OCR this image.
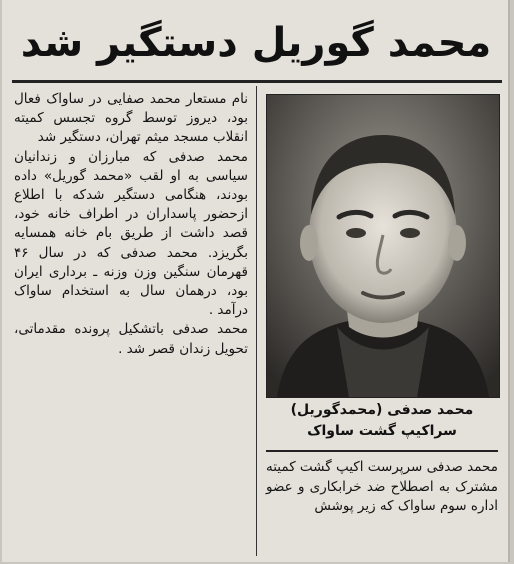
محمد گوریل دستگیر شد

نام مستعار محمد صفایی در ساواک فعال بود، دیروز توسط گروه تجسس کمیته انقلاب مسجد میثم تهران، دستگیر شد

محمد صدفی که مبارزان و زندانیان سیاسی به او لقب «محمد گوریل» داده بودند، هنگامی دستگیر شدکه با اطلاع ازحضور پاسداران در اطراف خانه خود، قصد داشت از طریق بام خانه همسایه بگریزد. محمد صدفی که در سال ۴۶ قهرمان سنگین وزن وزنه ـ برداری ایران بود، درهمان سال به استخدام ساواک درآمد .

محمد صدفی باتشکیل پرونده مقدماتی، تحویل زندان قصر شد .

محمد صدفی (محمدگوریل)
سراکیپ گشت ساواک
محمد صدفی سرپرست اکیپ گشت کمیته مشترک به اصطلاح ضد خرابکاری و عضو اداره سوم ساواک که زیر پوشش
